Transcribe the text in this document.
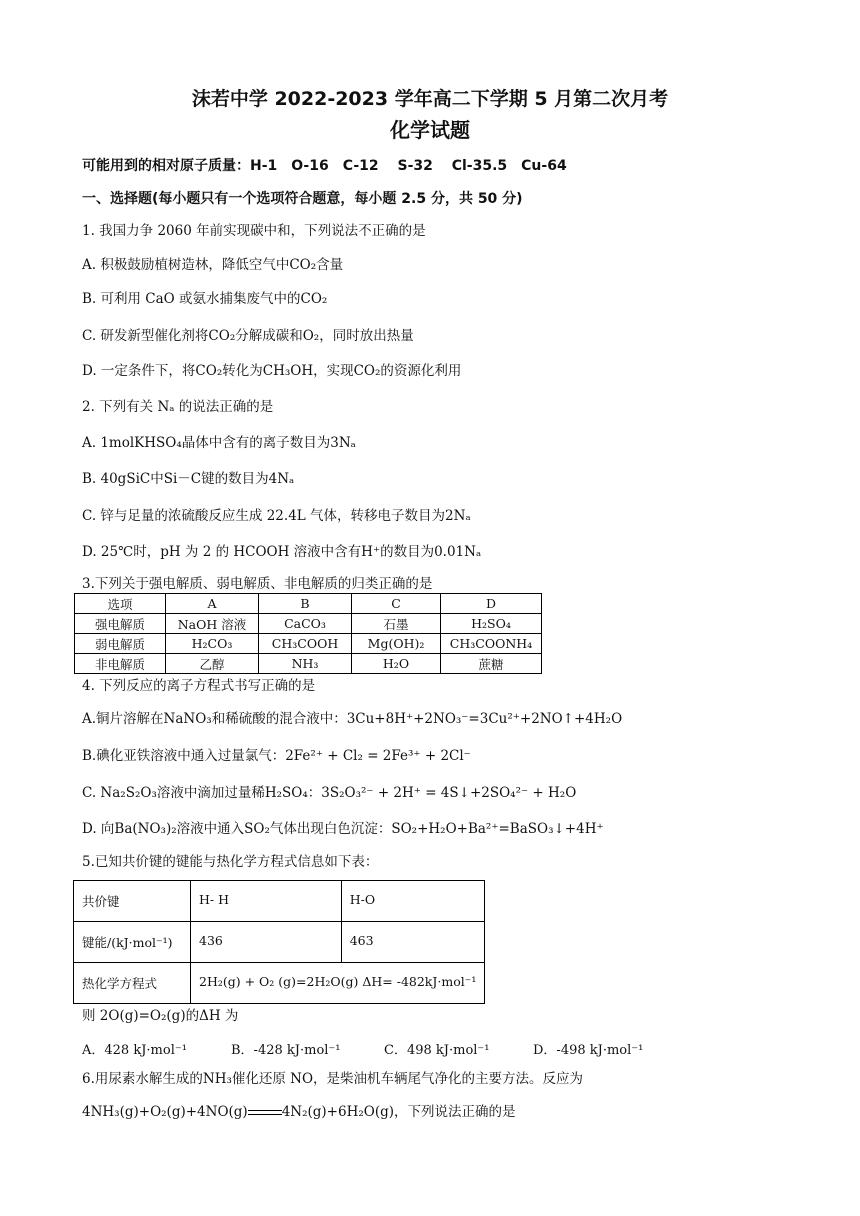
沫若中学 2022-2023 学年高二下学期 5 月第二次月考
化学试题
可能用到的相对原子质量：H-1　O-16　C-12　 S-32　 Cl-35.5　Cu-64
一、选择题(每小题只有一个选项符合题意，每小题 2.5 分，共 50 分)
1. 我国力争 2060 年前实现碳中和，下列说法不正确的是
A. 积极鼓励植树造林，降低空气中CO₂含量
B. 可利用 CaO 或氨水捕集废气中的CO₂
C. 研发新型催化剂将CO₂分解成碳和O₂，同时放出热量
D. 一定条件下，将CO₂转化为CH₃OH，实现CO₂的资源化利用
2. 下列有关 Nₐ 的说法正确的是
A. 1molKHSO₄晶体中含有的离子数目为3Nₐ
B. 40gSiC中Si－C键的数目为4Nₐ
C. 锌与足量的浓硫酸反应生成 22.4L 气体，转移电子数目为2Nₐ
D. 25℃时，pH 为 2 的 HCOOH 溶液中含有H⁺的数目为0.01Nₐ
3.下列关于强电解质、弱电解质、非电解质的归类正确的是
选项	A	B	C	D
强电解质	NaOH 溶液	CaCO₃	石墨	H₂SO₄
弱电解质	H₂CO₃	CH₃COOH	Mg(OH)₂	CH₃COONH₄
非电解质	乙醇	NH₃	H₂O	蔗糖
4. 下列反应的离子方程式书写正确的是
A.铜片溶解在NaNO₃和稀硫酸的混合液中：3Cu+8H⁺+2NO₃⁻=3Cu²⁺+2NO↑+4H₂O
B.碘化亚铁溶液中通入过量氯气：2Fe²⁺ + Cl₂ = 2Fe³⁺ + 2Cl⁻
C. Na₂S₂O₃溶液中滴加过量稀H₂SO₄：3S₂O₃²⁻ + 2H⁺ = 4S↓+2SO₄²⁻ + H₂O
D. 向Ba(NO₃)₂溶液中通入SO₂气体出现白色沉淀：SO₂+H₂O+Ba²⁺=BaSO₃↓+4H⁺
5.已知共价键的键能与热化学方程式信息如下表：
共价键	H- H	H-O
键能/(kJ·mol⁻¹)	436	463
热化学方程式	2H₂(g) + O₂ (g)=2H₂O(g) ΔH= -482kJ·mol⁻¹	
则 2O(g)=O₂(g)的ΔH 为
A．428 kJ·mol⁻¹	B．-428 kJ·mol⁻¹	C．498 kJ·mol⁻¹	D．-498 kJ·mol⁻¹
6.用尿素水解生成的NH₃催化还原 NO，是柴油机车辆尾气净化的主要方法。反应为
4NH₃(g)+O₂(g)+4NO(g)	4N₂(g)+6H₂O(g)，下列说法正确的是
